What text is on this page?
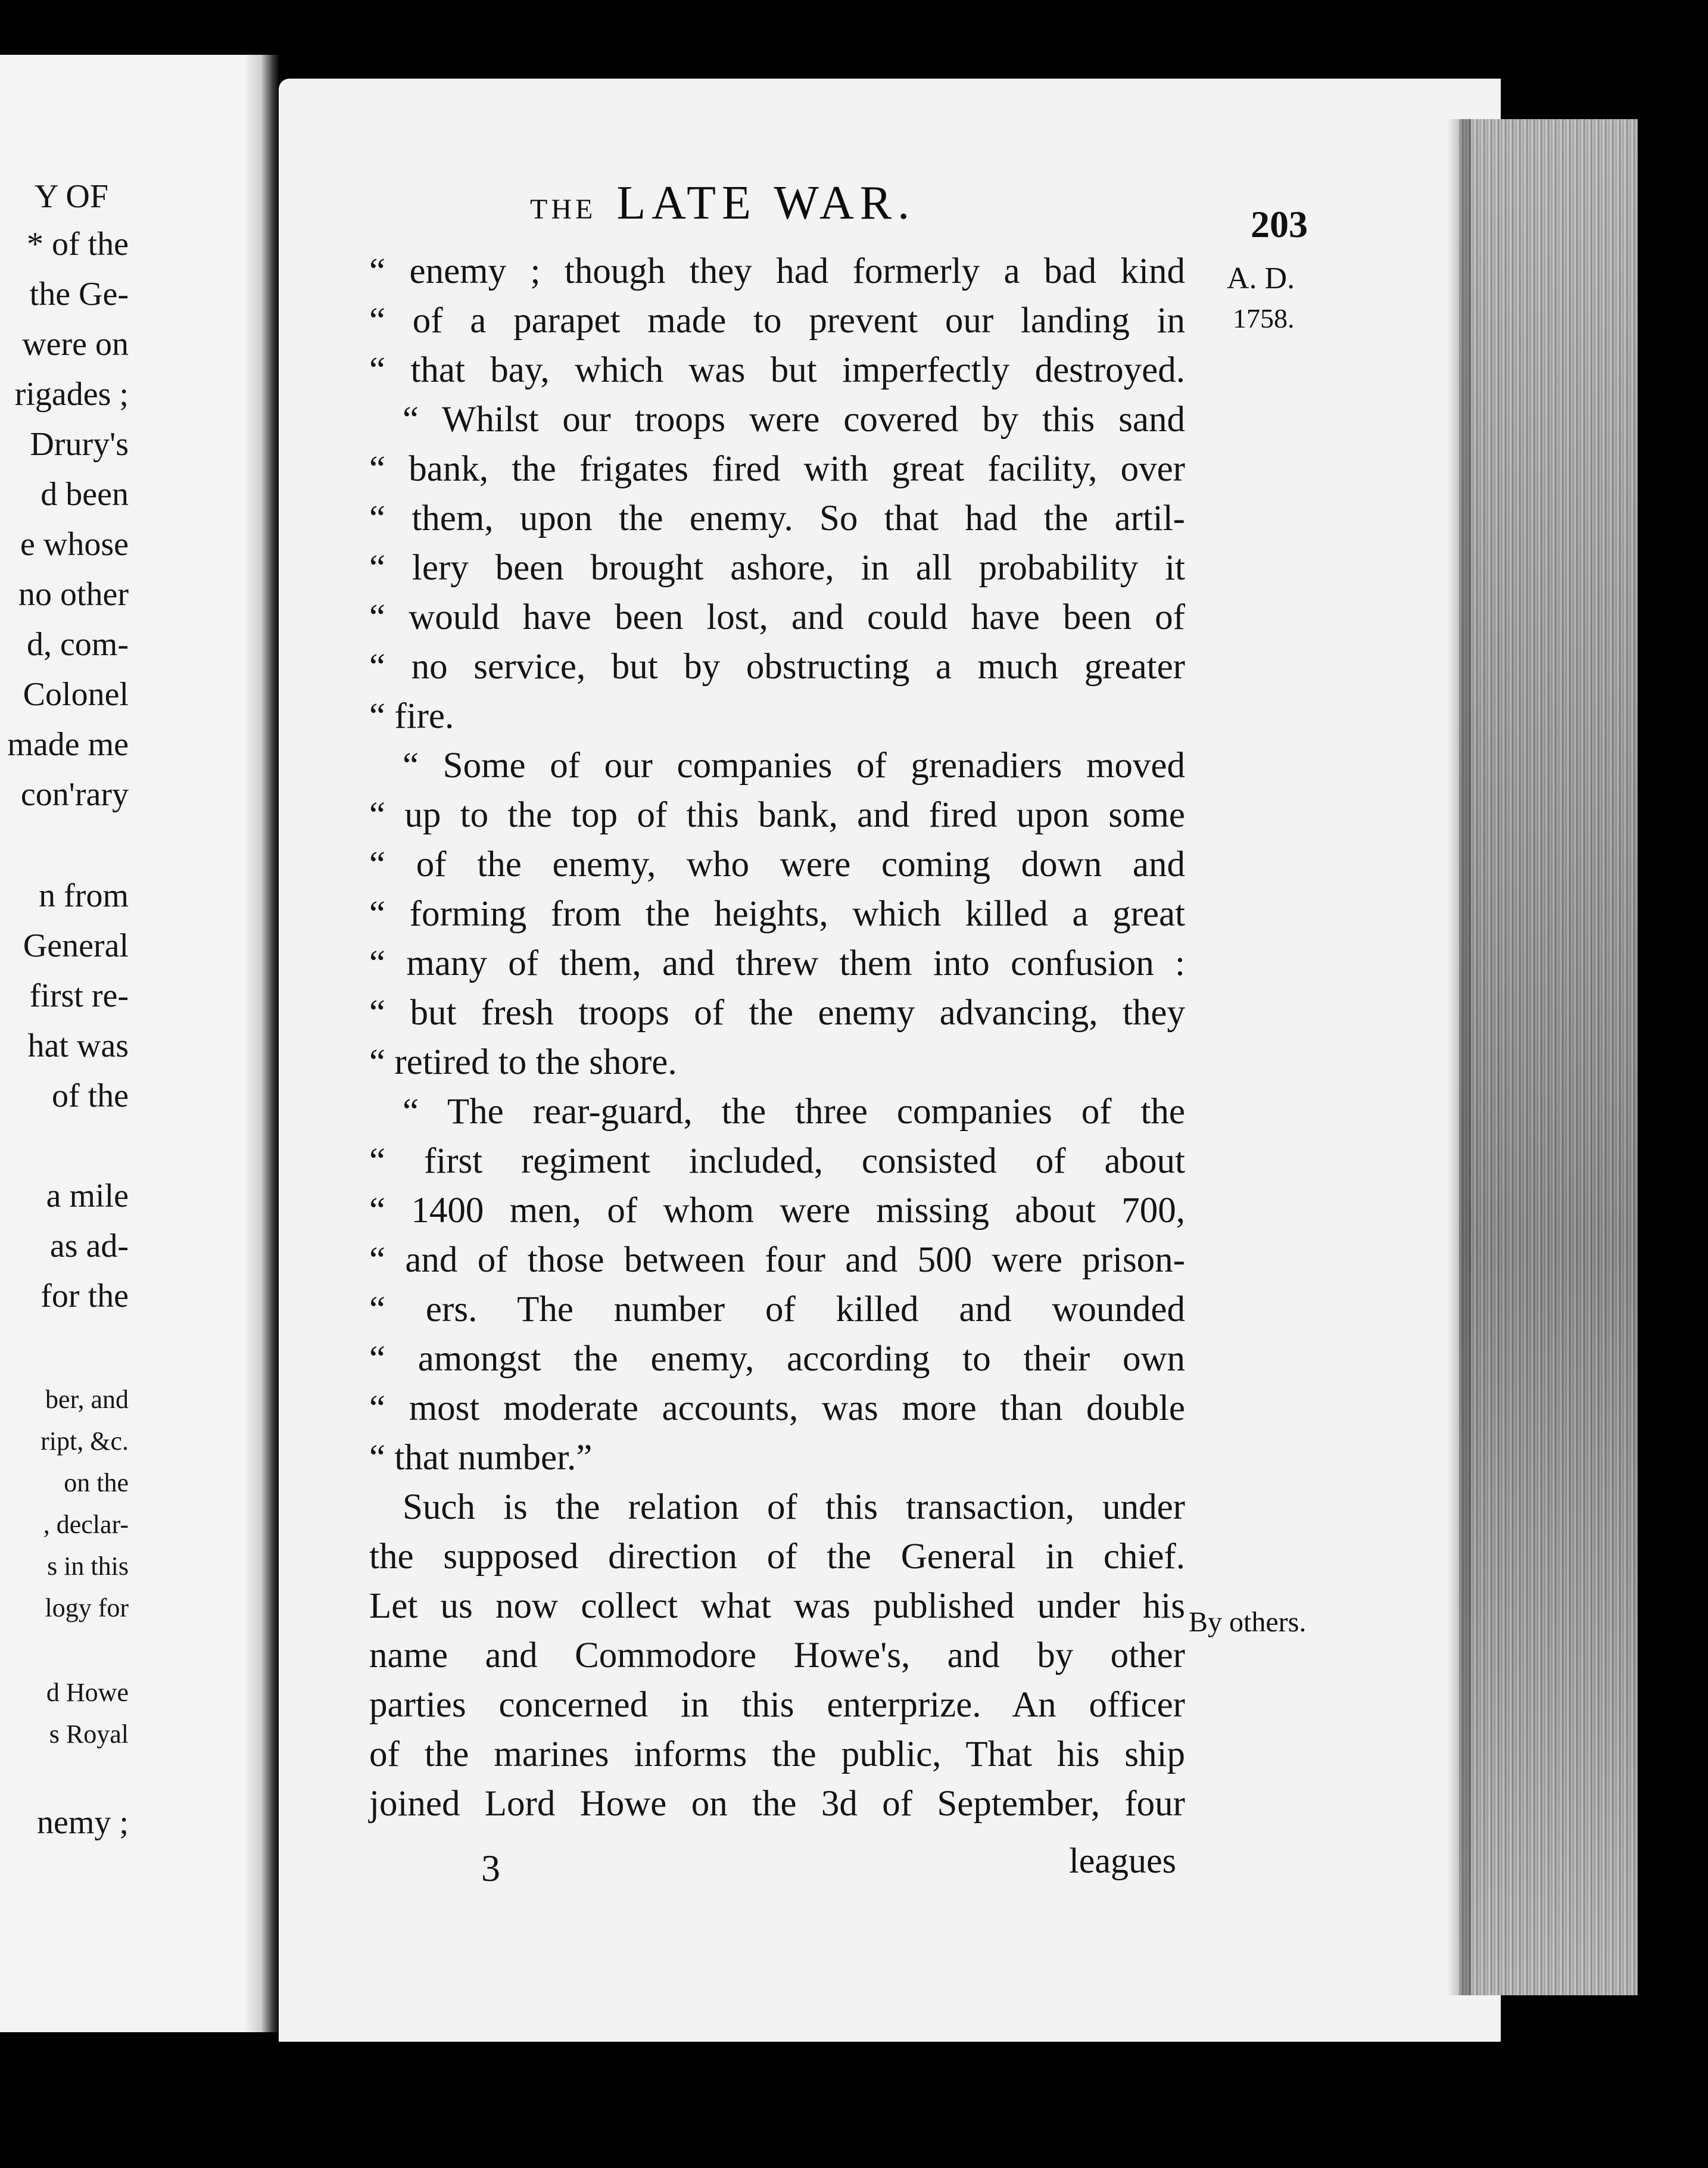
Y OF
* of the
the Ge-
were on
rigades ;
Drury's
d been
e whose
no other
d, com-
Colonel
made me
con'rary
n from
General
first re-
hat was
of the
a mile
as ad-
for the
ber, and
ript, &c.
on the
, declar-
s in this
logy for
d Howe
s Royal
nemy ;
THE LATE WAR.	203
A. D.
1758.
By others.
“ enemy ; though they had formerly a bad kind
“ of a parapet made to prevent our landing in
“ that bay, which was but imperfectly destroyed.
“ Whilst our troops were covered by this sand
“ bank, the frigates fired with great facility, over
“ them, upon the enemy. So that had the artil-
“ lery been brought ashore, in all probability it
“ would have been lost, and could have been of
“ no service, but by obstructing a much greater
“ fire.
“ Some of our companies of grenadiers moved
“ up to the top of this bank, and fired upon some
“ of the enemy, who were coming down and
“ forming from the heights, which killed a great
“ many of them, and threw them into confusion :
“ but fresh troops of the enemy advancing, they
“ retired to the shore.
“ The rear-guard, the three companies of the
“ first regiment included, consisted of about
“ 1400 men, of whom were missing about 700,
“ and of those between four and 500 were prison-
“ ers. The number of killed and wounded
“ amongst the enemy, according to their own
“ most moderate accounts, was more than double
“ that number.”
Such is the relation of this transaction, under
the supposed direction of the General in chief.
Let us now collect what was published under his
name and Commodore Howe's, and by other
parties concerned in this enterprize. An officer
of the marines informs the public, That his ship
joined Lord Howe on the 3d of September, four
3	leagues
